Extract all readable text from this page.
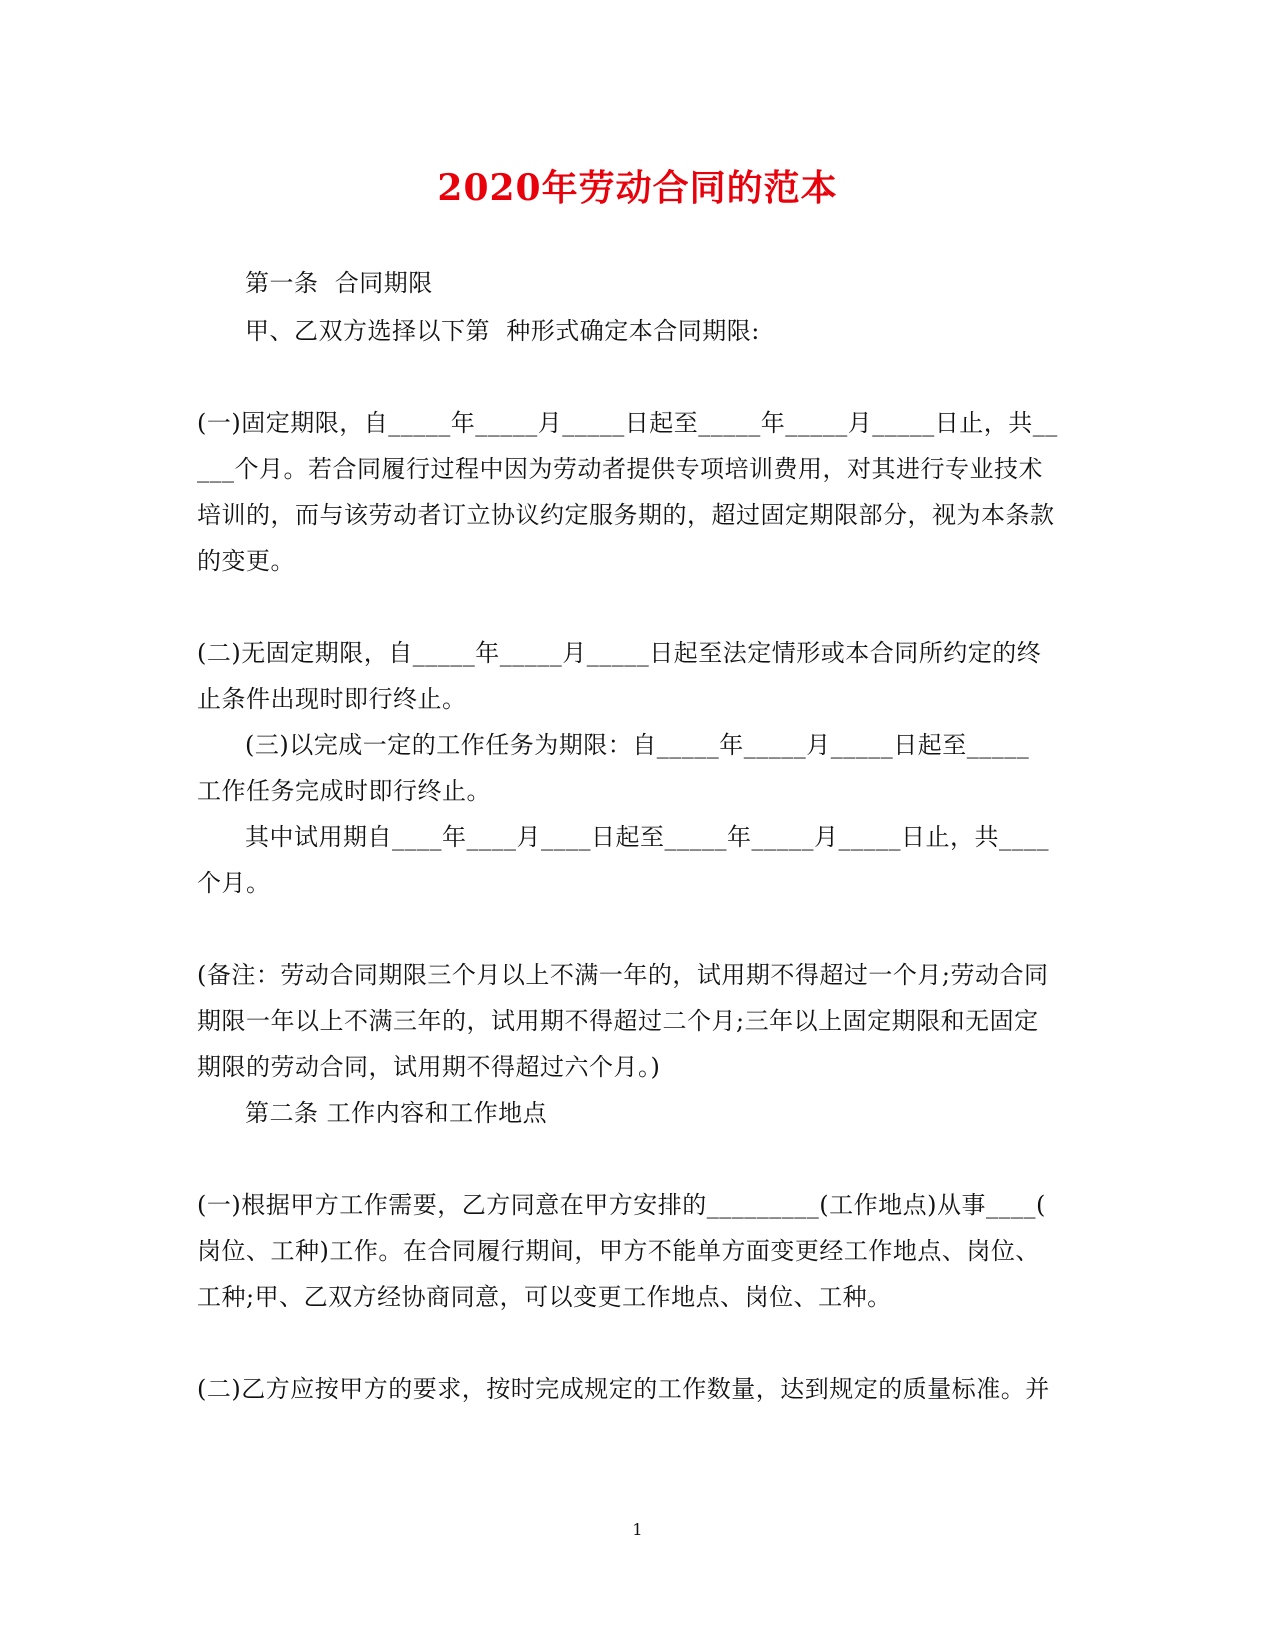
2020年劳动合同的范本
第一条  合同期限
甲、乙双方选择以下第  种形式确定本合同期限:
(一)固定期限，自_____年_____月_____日起至_____年_____月_____日止，共__
___个月。若合同履行过程中因为劳动者提供专项培训费用，对其进行专业技术
培训的，而与该劳动者订立协议约定服务期的，超过固定期限部分，视为本条款
的变更。
(二)无固定期限，自_____年_____月_____日起至法定情形或本合同所约定的终
止条件出现时即行终止。
(三)以完成一定的工作任务为期限：自_____年_____月_____日起至_____
工作任务完成时即行终止。
其中试用期自____年____月____日起至_____年_____月_____日止，共____
个月。
(备注：劳动合同期限三个月以上不满一年的，试用期不得超过一个月;劳动合同
期限一年以上不满三年的，试用期不得超过二个月;三年以上固定期限和无固定
期限的劳动合同，试用期不得超过六个月。)
第二条 工作内容和工作地点
(一)根据甲方工作需要，乙方同意在甲方安排的_________(工作地点)从事____(
岗位、工种)工作。在合同履行期间，甲方不能单方面变更经工作地点、岗位、
工种;甲、乙双方经协商同意，可以变更工作地点、岗位、工种。
(二)乙方应按甲方的要求，按时完成规定的工作数量，达到规定的质量标准。并
1
